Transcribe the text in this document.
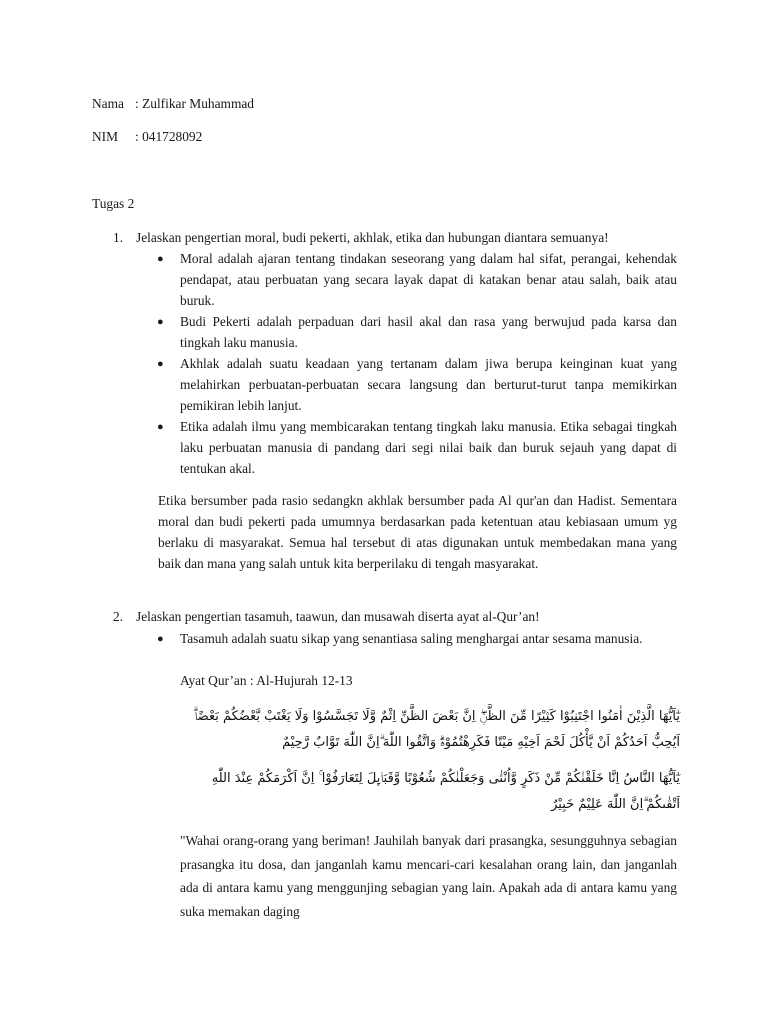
Nama : Zulfikar Muhammad
NIM : 041728092
Tugas 2
1. Jelaskan pengertian moral, budi pekerti, akhlak, etika dan hubungan diantara semuanya!
● Moral adalah ajaran tentang tindakan seseorang yang dalam hal sifat, perangai, kehendak pendapat, atau perbuatan yang secara layak dapat di katakan benar atau salah, baik atau buruk.
● Budi Pekerti adalah perpaduan dari hasil akal dan rasa yang berwujud pada karsa dan tingkah laku manusia.
● Akhlak adalah suatu keadaan yang tertanam dalam jiwa berupa keinginan kuat yang melahirkan perbuatan-perbuatan secara langsung dan berturut-turut tanpa memikirkan pemikiran lebih lanjut.
● Etika adalah ilmu yang membicarakan tentang tingkah laku manusia. Etika sebagai tingkah laku perbuatan manusia di pandang dari segi nilai baik dan buruk sejauh yang dapat di tentukan akal.
Etika bersumber pada rasio sedangkn akhlak bersumber pada Al qur'an dan Hadist. Sementara moral dan budi pekerti pada umumnya berdasarkan pada ketentuan atau kebiasaan umum yg berlaku di masyarakat. Semua hal tersebut di atas digunakan untuk membedakan mana yang baik dan mana yang salah untuk kita berperilaku di tengah masyarakat.
2. Jelaskan pengertian tasamuh, taawun, dan musawah diserta ayat al-Qur’an!
● Tasamuh adalah suatu sikap yang senantiasa saling menghargai antar sesama manusia.
Ayat Qur’an : Al-Hujurah 12-13
يٰٓاَيُّهَا الَّذِيْنَ اٰمَنُوا اجْتَنِبُوْا كَثِيْرًا مِّنَ الظَّنِّۖ اِنَّ بَعْضَ الظَّنِّ اِثْمٌ وَّلَا تَجَسَّسُوْا وَلَا يَغْتَبْ بَّعْضُكُمْ بَعْضًاۗ اَيُحِبُّ اَحَدُكُمْ اَنْ يَّأْكُلَ لَحْمَ اَخِيْهِ مَيْتًا فَكَرِهْتُمُوْهُۗ وَاتَّقُوا اللّٰهَ ۗاِنَّ اللّٰهَ تَوَّابٌ رَّحِيْمٌ
يٰٓاَيُّهَا النَّاسُ اِنَّا خَلَقْنٰكُمْ مِّنْ ذَكَرٍ وَّاُنْثٰى وَجَعَلْنٰكُمْ شُعُوْبًا وَّقَبَاۤىِٕلَ لِتَعَارَفُوْا ۚ اِنَّ اَكْرَمَكُمْ عِنْدَ اللّٰهِ اَتْقٰىكُمْ ۗاِنَّ اللّٰهَ عَلِيْمٌ خَبِيْرٌ
"Wahai orang-orang yang beriman! Jauhilah banyak dari prasangka, sesungguhnya sebagian prasangka itu dosa, dan janganlah kamu mencari-cari kesalahan orang lain, dan janganlah ada di antara kamu yang menggunjing sebagian yang lain. Apakah ada di antara kamu yang suka memakan daging
